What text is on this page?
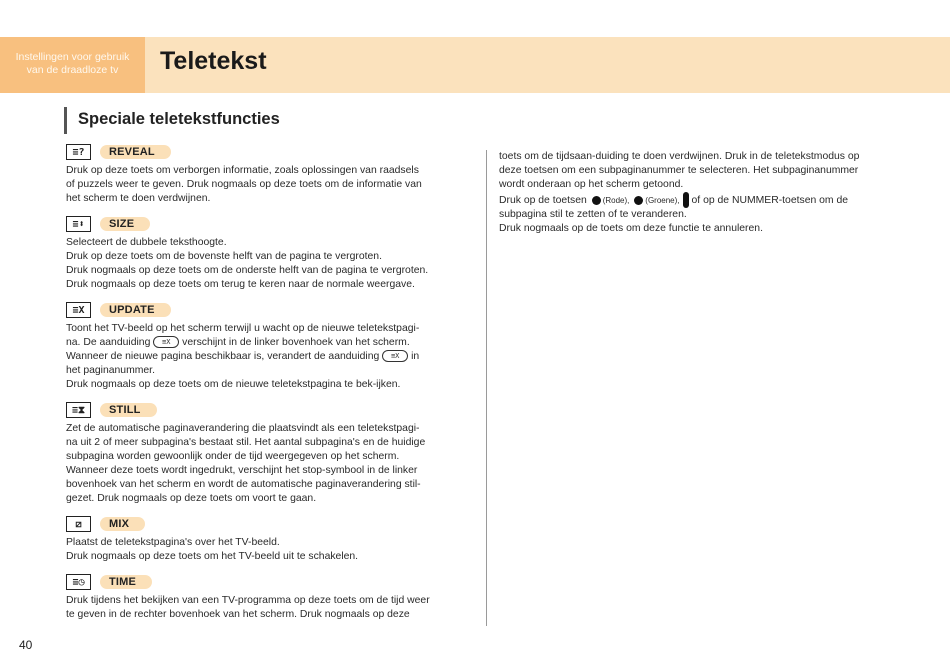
Instellingen voor gebruik
van de draadloze tv	Teletekst
Speciale teletekstfuncties
≡?	REVEAL
Druk op deze toets om verborgen informatie, zoals oplossingen van raadsels
of puzzels weer te geven. Druk nogmaals op deze toets om de informatie van
het scherm te doen verdwijnen.
≡⬍	SIZE
Selecteert de dubbele teksthoogte.
Druk op deze toets om de bovenste helft van de pagina te vergroten.
Druk nogmaals op deze toets om de onderste helft van de pagina te vergroten.
Druk nogmaals op deze toets om terug te keren naar de normale weergave.
≡X	UPDATE
Toont het TV-beeld op het scherm terwijl u wacht op de nieuwe teletekstpagi-
na. De aanduiding ≡X verschijnt in de linker bovenhoek van het scherm.
Wanneer de nieuwe pagina beschikbaar is, verandert de aanduiding ≡X in
het paginanummer.
Druk nogmaals op deze toets om de nieuwe teletekstpagina te bek-ijken.
≡⧗	STILL
Zet de automatische paginaverandering die plaatsvindt als een teletekstpagi-
na uit 2 of meer subpagina's bestaat stil. Het aantal subpagina's en de huidige
subpagina worden gewoonlijk onder de tijd weergegeven op het scherm.
Wanneer deze toets wordt ingedrukt, verschijnt het stop-symbool in de linker
bovenhoek van het scherm en wordt de automatische paginaverandering stil-
gezet. Druk nogmaals op deze toets om voort te gaan.
⧄	MIX
Plaatst de teletekstpagina's over het TV-beeld.
Druk nogmaals op deze toets om het TV-beeld uit te schakelen.
≡◷	TIME
Druk tijdens het bekijken van een TV-programma op deze toets om de tijd weer
te geven in de rechter bovenhoek van het scherm. Druk nogmaals op deze
toets om de tijdsaan-duiding te doen verdwijnen. Druk in de teletekstmodus op
deze toetsen om een subpaginanummer te selecteren. Het subpaginanummer
wordt onderaan op het scherm getoond.
Druk op de toetsen (Rode), (Groene), of op de NUMMER-toetsen om de
subpagina stil te zetten of te veranderen.
Druk nogmaals op de toets om deze functie te annuleren.
40
